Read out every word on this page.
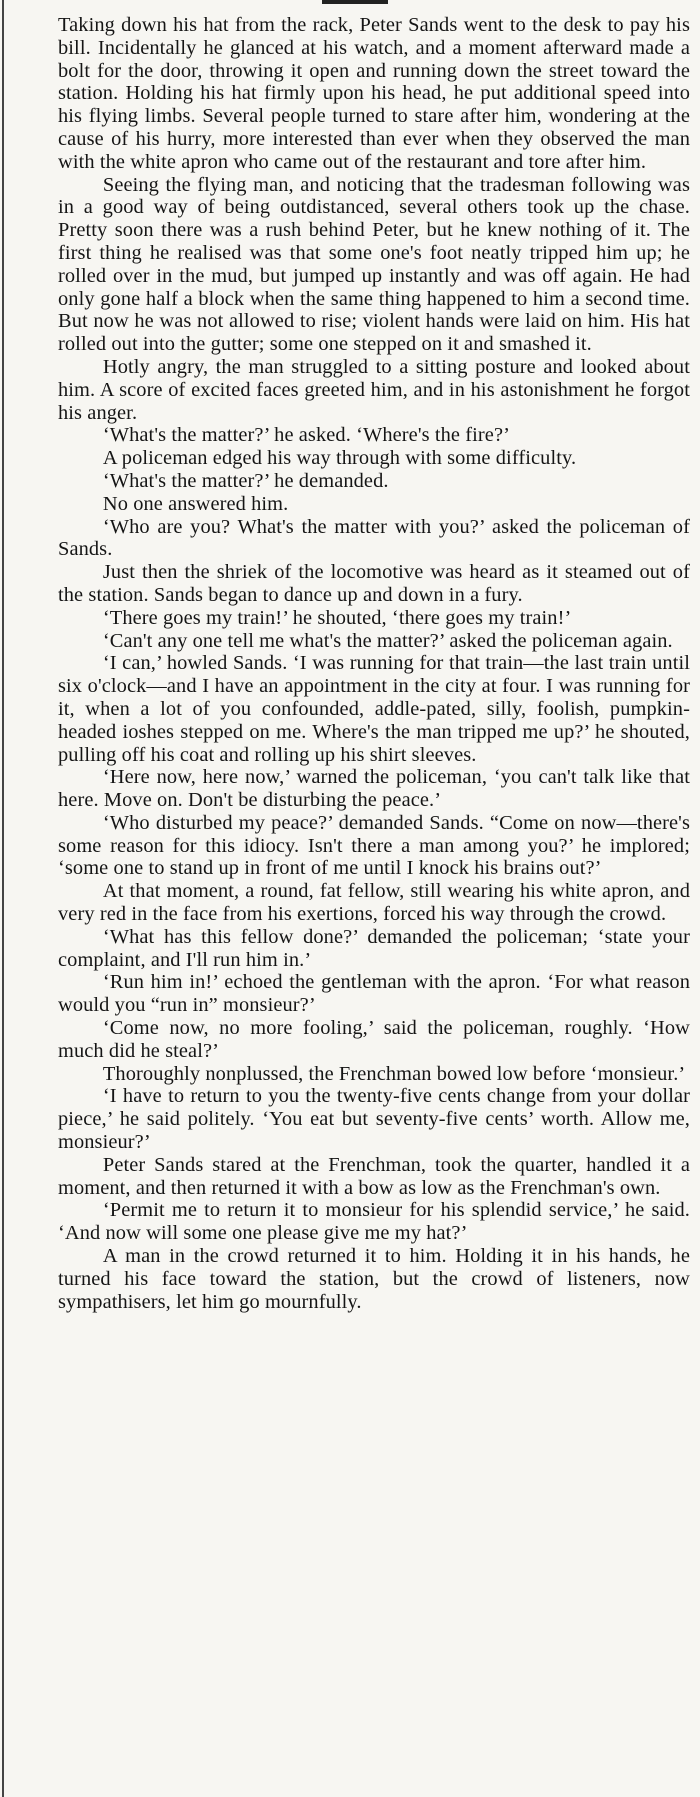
Taking down his hat from the rack, Peter Sands went to the desk to pay his bill. Incidentally he glanced at his watch, and a moment afterward made a bolt for the door, throwing it open and running down the street toward the station. Holding his hat firmly upon his head, he put additional speed into his flying limbs. Several people turned to stare after him, wondering at the cause of his hurry, more interested than ever when they observed the man with the white apron who came out of the restaurant and tore after him.

Seeing the flying man, and noticing that the tradesman following was in a good way of being outdistanced, several others took up the chase. Pretty soon there was a rush behind Peter, but he knew nothing of it. The first thing he realised was that some one's foot neatly tripped him up; he rolled over in the mud, but jumped up instantly and was off again. He had only gone half a block when the same thing happened to him a second time. But now he was not allowed to rise; violent hands were laid on him. His hat rolled out into the gutter; some one stepped on it and smashed it.

Hotly angry, the man struggled to a sitting posture and looked about him. A score of excited faces greeted him, and in his astonishment he forgot his anger.

‘What's the matter?’ he asked. ‘Where's the fire?’

A policeman edged his way through with some difficulty.

‘What's the matter?’ he demanded.

No one answered him.

‘Who are you? What's the matter with you?’ asked the policeman of Sands.

Just then the shriek of the locomotive was heard as it steamed out of the station. Sands began to dance up and down in a fury.

‘There goes my train!’ he shouted, ‘there goes my train!’

‘Can't any one tell me what's the matter?’ asked the policeman again.

‘I can,’ howled Sands. ‘I was running for that train—the last train until six o'clock—and I have an appointment in the city at four. I was running for it, when a lot of you confounded, addle-pated, silly, foolish, pumpkin-headed ioshes stepped on me. Where's the man tripped me up?’ he shouted, pulling off his coat and rolling up his shirt sleeves.

‘Here now, here now,’ warned the policeman, ‘you can't talk like that here. Move on. Don't be disturbing the peace.’

‘Who disturbed my peace?’ demanded Sands. “Come on now—there's some reason for this idiocy. Isn't there a man among you?’ he implored; ‘some one to stand up in front of me until I knock his brains out?’

At that moment, a round, fat fellow, still wearing his white apron, and very red in the face from his exertions, forced his way through the crowd.

‘What has this fellow done?’ demanded the policeman; ‘state your complaint, and I'll run him in.’

‘Run him in!’ echoed the gentleman with the apron. ‘For what reason would you “run in” monsieur?’

‘Come now, no more fooling,’ said the policeman, roughly. ‘How much did he steal?’

Thoroughly nonplussed, the Frenchman bowed low before ‘monsieur.’

‘I have to return to you the twenty-five cents change from your dollar piece,’ he said politely. ‘You eat but seventy-five cents’ worth. Allow me, monsieur?’

Peter Sands stared at the Frenchman, took the quarter, handled it a moment, and then returned it with a bow as low as the Frenchman's own.

‘Permit me to return it to monsieur for his splendid service,’ he said. ‘And now will some one please give me my hat?’

A man in the crowd returned it to him. Holding it in his hands, he turned his face toward the station, but the crowd of listeners, now sympathisers, let him go mournfully.
